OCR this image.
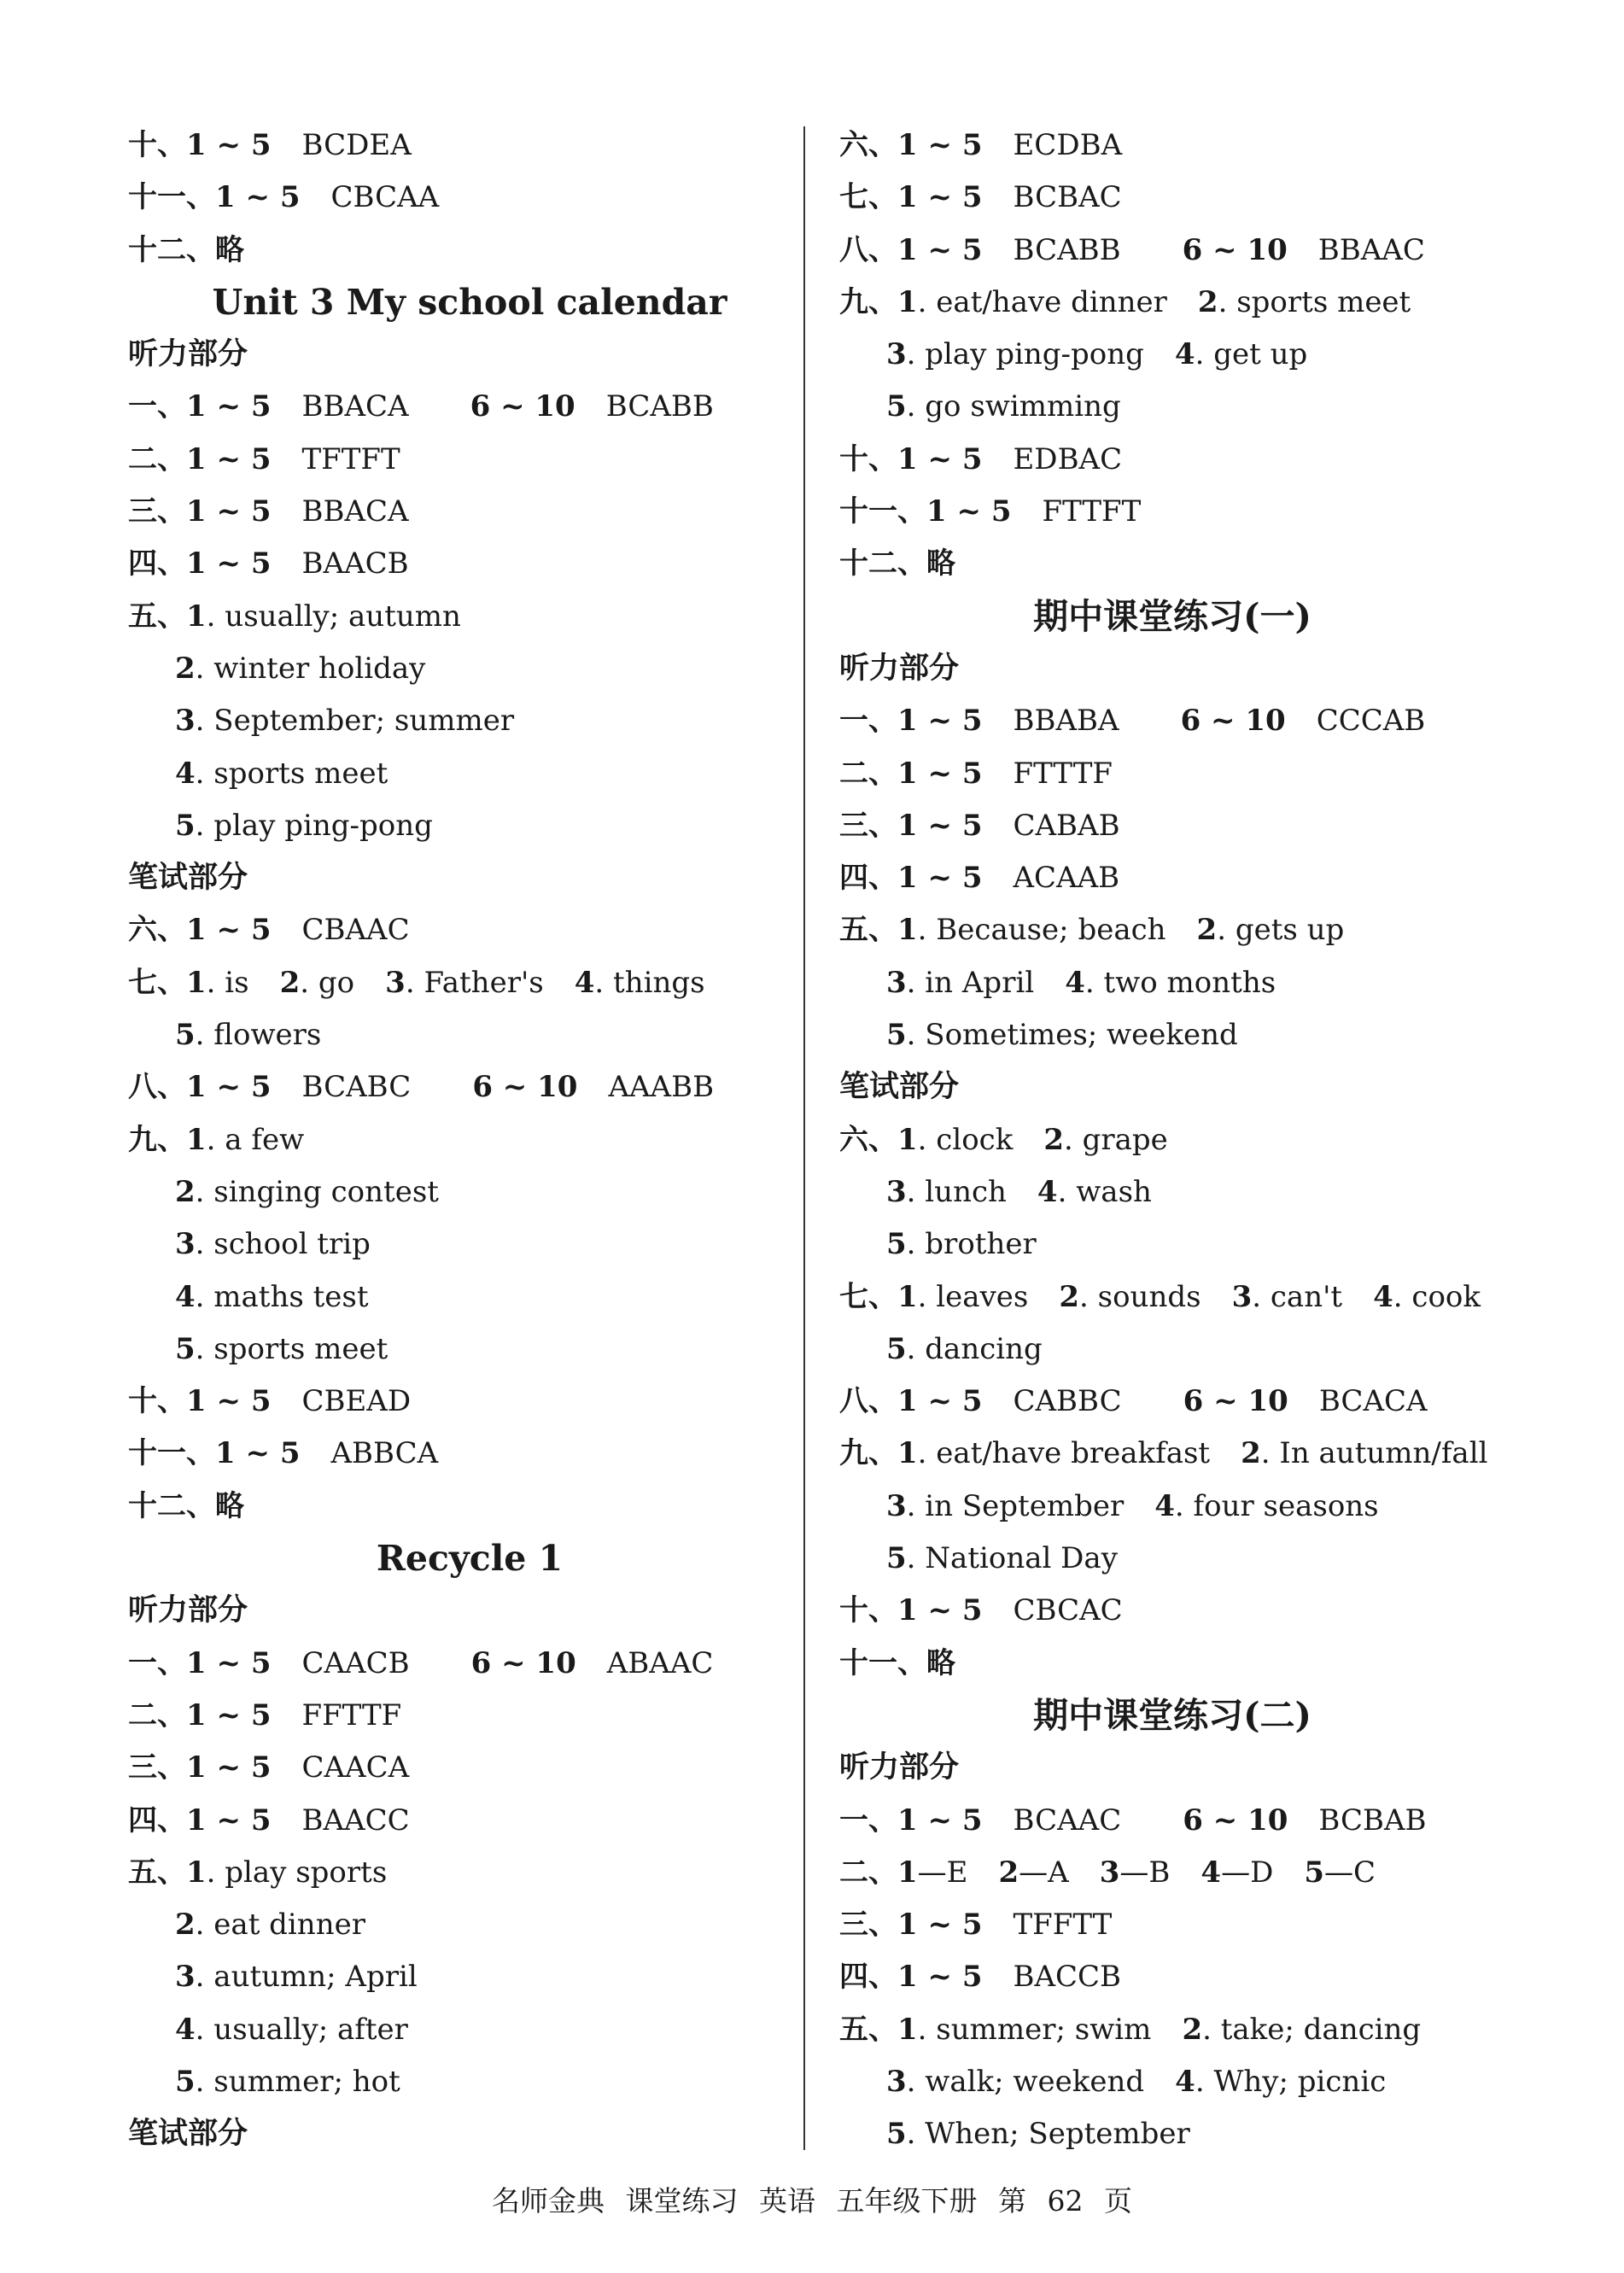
十、1 ~ 5 BCDEA
十一、1 ~ 5 CBCAA
十二、略
Unit 3 My school calendar
听力部分
一、1 ~ 5 BBACA 6 ~ 10 BCABB
二、1 ~ 5 TFTFT
三、1 ~ 5 BBACA
四、1 ~ 5 BAACB
五、1. usually; autumn
2. winter holiday
3. September; summer
4. sports meet
5. play ping-pong
笔试部分
六、1 ~ 5 CBAAC
七、1. is 2. go 3. Father's 4. things
5. flowers
八、1 ~ 5 BCABC 6 ~ 10 AAABB
九、1. a few
2. singing contest
3. school trip
4. maths test
5. sports meet
十、1 ~ 5 CBEAD
十一、1 ~ 5 ABBCA
十二、略
Recycle 1
听力部分
一、1 ~ 5 CAACB 6 ~ 10 ABAAC
二、1 ~ 5 FFTTF
三、1 ~ 5 CAACA
四、1 ~ 5 BAACC
五、1. play sports
2. eat dinner
3. autumn; April
4. usually; after
5. summer; hot
笔试部分
六、1 ~ 5 ECDBA
七、1 ~ 5 BCBAC
八、1 ~ 5 BCABB 6 ~ 10 BBAAC
九、1. eat/have dinner 2. sports meet
3. play ping-pong 4. get up
5. go swimming
十、1 ~ 5 EDBAC
十一、1 ~ 5 FTTFT
十二、略
期中课堂练习(一)
听力部分
一、1 ~ 5 BBABA 6 ~ 10 CCCAB
二、1 ~ 5 FTTTF
三、1 ~ 5 CABAB
四、1 ~ 5 ACAAB
五、1. Because; beach 2. gets up
3. in April 4. two months
5. Sometimes; weekend
笔试部分
六、1. clock 2. grape
3. lunch 4. wash
5. brother
七、1. leaves 2. sounds 3. can't 4. cook
5. dancing
八、1 ~ 5 CABBC 6 ~ 10 BCACA
九、1. eat/have breakfast 2. In autumn/fall
3. in September 4. four seasons
5. National Day
十、1 ~ 5 CBCAC
十一、略
期中课堂练习(二)
听力部分
一、1 ~ 5 BCAAC 6 ~ 10 BCBAB
二、1—E 2—A 3—B 4—D 5—C
三、1 ~ 5 TFFTT
四、1 ~ 5 BACCB
五、1. summer; swim 2. take; dancing
3. walk; weekend 4. Why; picnic
5. When; September
名师金典 课堂练习 英语 五年级下册 第 62 页
